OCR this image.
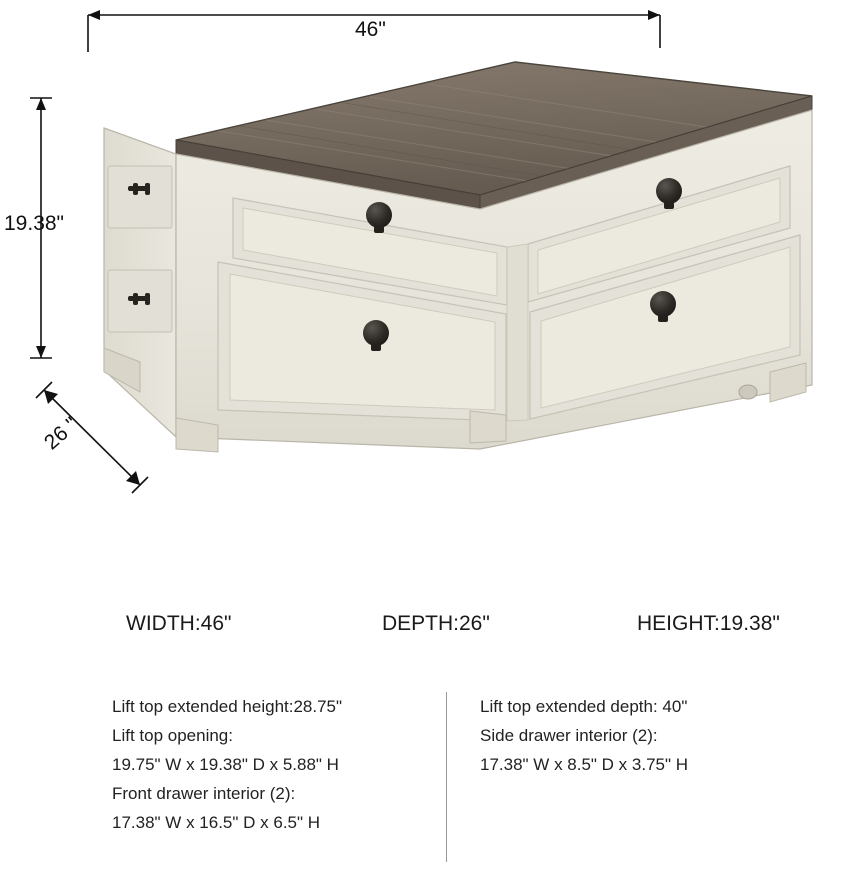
46"
19.38"
26 "
WIDTH:46"	DEPTH:26"	HEIGHT:19.38"
Lift top extended height:28.75"
Lift top opening:
19.75" W x 19.38" D x 5.88" H
Front drawer interior (2):
17.38" W x 16.5" D x 6.5" H
Lift top extended depth: 40"
Side drawer interior (2):
17.38" W x 8.5" D x 3.75" H
